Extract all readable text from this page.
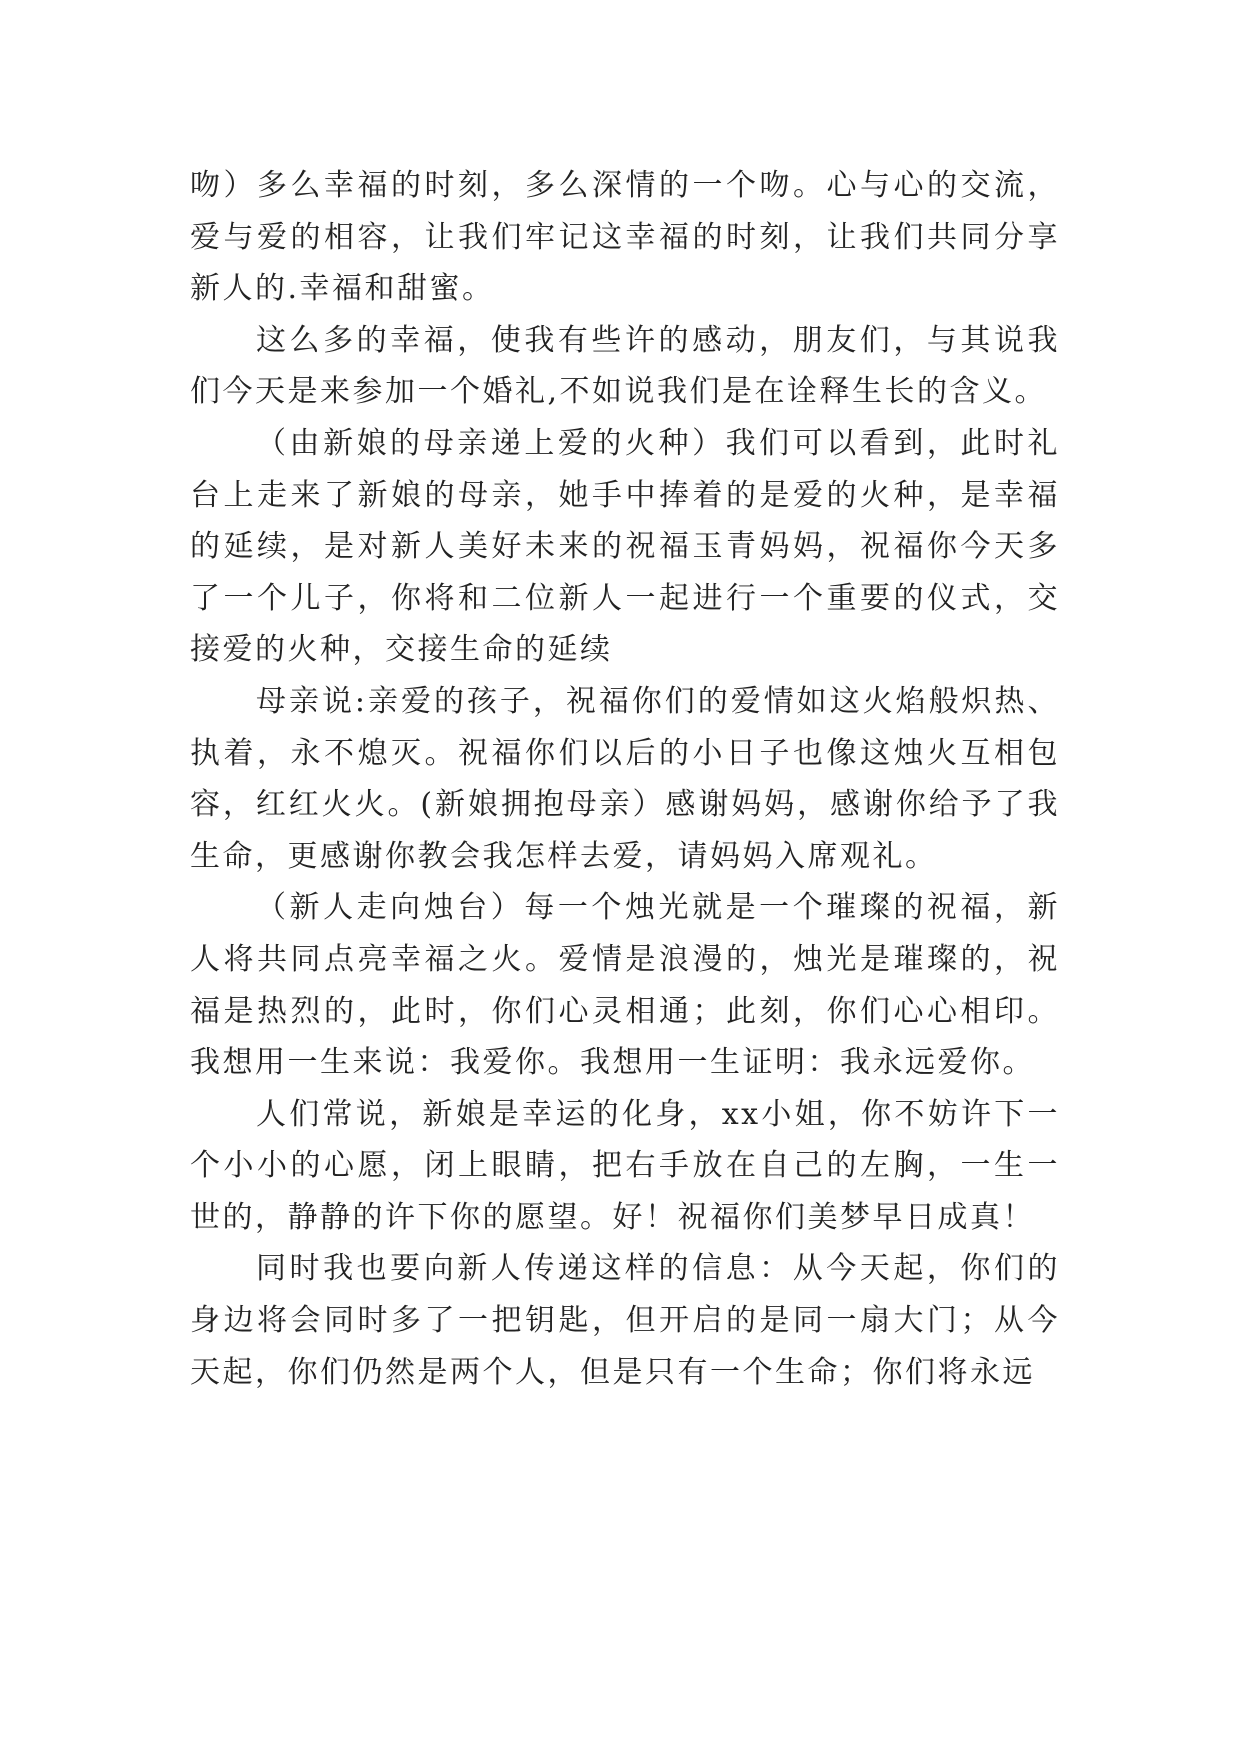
吻）多么幸福的时刻，多么深情的一个吻。心与心的交流，爱与爱的相容，让我们牢记这幸福的时刻，让我们共同分享新人的.幸福和甜蜜。

这么多的幸福，使我有些许的感动，朋友们，与其说我们今天是来参加一个婚礼,不如说我们是在诠释生长的含义。

（由新娘的母亲递上爱的火种）我们可以看到，此时礼台上走来了新娘的母亲，她手中捧着的是爱的火种，是幸福的延续，是对新人美好未来的祝福玉青妈妈，祝福你今天多了一个儿子，你将和二位新人一起进行一个重要的仪式，交接爱的火种，交接生命的延续

母亲说:亲爱的孩子，祝福你们的爱情如这火焰般炽热、执着，永不熄灭。祝福你们以后的小日子也像这烛火互相包容，红红火火。(新娘拥抱母亲）感谢妈妈，感谢你给予了我生命，更感谢你教会我怎样去爱，请妈妈入席观礼。

（新人走向烛台）每一个烛光就是一个璀璨的祝福，新人将共同点亮幸福之火。爱情是浪漫的，烛光是璀璨的，祝福是热烈的，此时，你们心灵相通；此刻，你们心心相印。我想用一生来说：我爱你。我想用一生证明：我永远爱你。

人们常说，新娘是幸运的化身，xx小姐，你不妨许下一个小小的心愿，闭上眼睛，把右手放在自己的左胸，一生一世的，静静的许下你的愿望。好！祝福你们美梦早日成真！

同时我也要向新人传递这样的信息：从今天起，你们的身边将会同时多了一把钥匙，但开启的是同一扇大门；从今天起，你们仍然是两个人，但是只有一个生命；你们将永远
